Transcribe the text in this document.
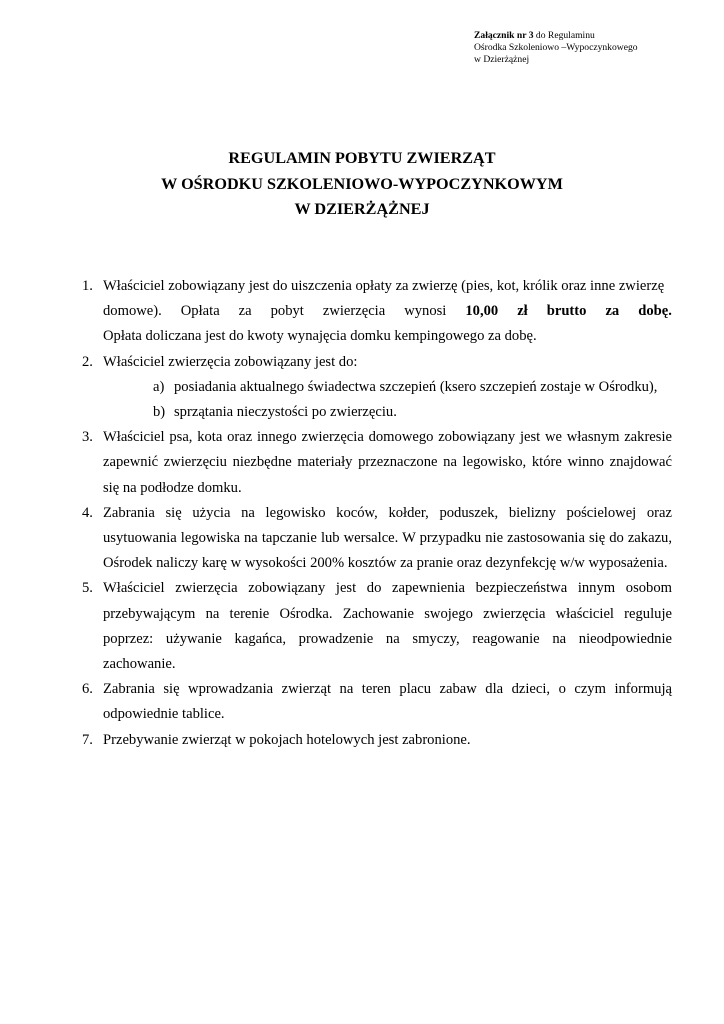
Załącznik nr 3 do Regulaminu
Ośrodka Szkoleniowo –Wypoczynkowego
w Dzierżążnej
REGULAMIN POBYTU ZWIERZĄT
W OŚRODKU SZKOLENIOWO-WYPOCZYNKOWYM
W DZIERŻĄŻNEJ
1. Właściciel zobowiązany jest do uiszczenia opłaty za zwierzę (pies, kot, królik oraz inne zwierzę
domowe). Opłata za pobyt zwierzęcia wynosi 10,00 zł brutto za dobę.
Opłata doliczana jest do kwoty wynajęcia domku kempingowego za dobę.
2. Właściciel zwierzęcia zobowiązany jest do:
a) posiadania aktualnego świadectwa szczepień (ksero szczepień zostaje w Ośrodku),
b) sprzątania nieczystości po zwierzęciu.
3. Właściciel psa, kota oraz innego zwierzęcia domowego zobowiązany jest we własnym zakresie zapewnić zwierzęciu niezbędne materiały przeznaczone na legowisko, które winno znajdować się na podłodze domku.
4. Zabrania się użycia na legowisko koców, kołder, poduszek, bielizny pościelowej oraz usytuowania legowiska na tapczanie lub wersalce. W przypadku nie zastosowania się do zakazu, Ośrodek naliczy karę w wysokości 200% kosztów za pranie oraz dezynfekcję w/w wyposażenia.
5. Właściciel zwierzęcia zobowiązany jest do zapewnienia bezpieczeństwa innym osobom przebywającym na terenie Ośrodka. Zachowanie swojego zwierzęcia właściciel reguluje poprzez: używanie kagańca, prowadzenie na smyczy, reagowanie na nieodpowiednie zachowanie.
6. Zabrania się wprowadzania zwierząt na teren placu zabaw dla dzieci, o czym informują odpowiednie tablice.
7. Przebywanie zwierząt w pokojach hotelowych jest zabronione.
